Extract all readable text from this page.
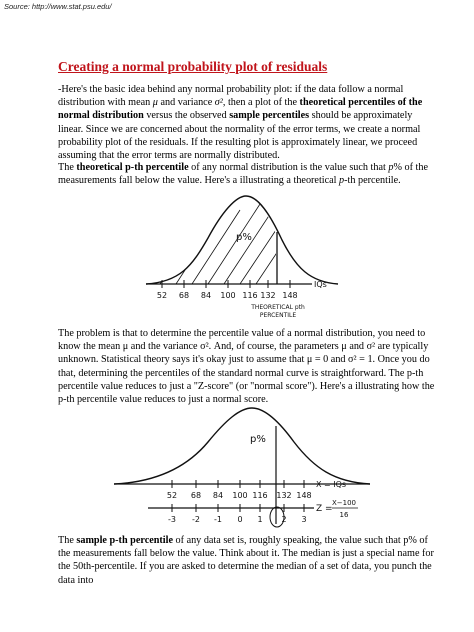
Source: http://www.stat.psu.edu/
Creating a normal probability plot of residuals

-Here's the basic idea behind any normal probability plot: if the data follow a normal distribution with mean μ and variance σ², then a plot of the theoretical percentiles of the normal distribution versus the observed sample percentiles should be approximately linear. Since we are concerned about the normality of the error terms, we create a normal probability plot of the residuals. If the resulting plot is approximately linear, we proceed assuming that the error terms are normally distributed.

The theoretical p-th percentile of any normal distribution is the value such that p% of the measurements fall below the value. Here's a illustrating a theoretical p-th percentile.

p%
52 68 84 100 116 132 148
IQs
THEORETICAL pth
PERCENTILE

The problem is that to determine the percentile value of a normal distribution, you need to know the mean μ and the variance σ². And, of course, the parameters μ and σ² are typically unknown. Statistical theory says it's okay just to assume that μ = 0 and σ² = 1. Once you do that, determining the percentiles of the standard normal curve is straightforward. The p-th percentile value reduces to just a "Z-score" (or "normal score"). Here's a illustrating how the p-th percentile value reduces to just a normal score.

p%
52 68 84 100 116 132 148
X = IQs
-3 -2 -1 0 1 2 3
Z =
X−100
16

The sample p-th percentile of any data set is, roughly speaking, the value such that p% of the measurements fall below the value. Think about it. The median is just a special name for the 50th-percentile. If you are asked to determine the median of a set of data, you punch the data into
